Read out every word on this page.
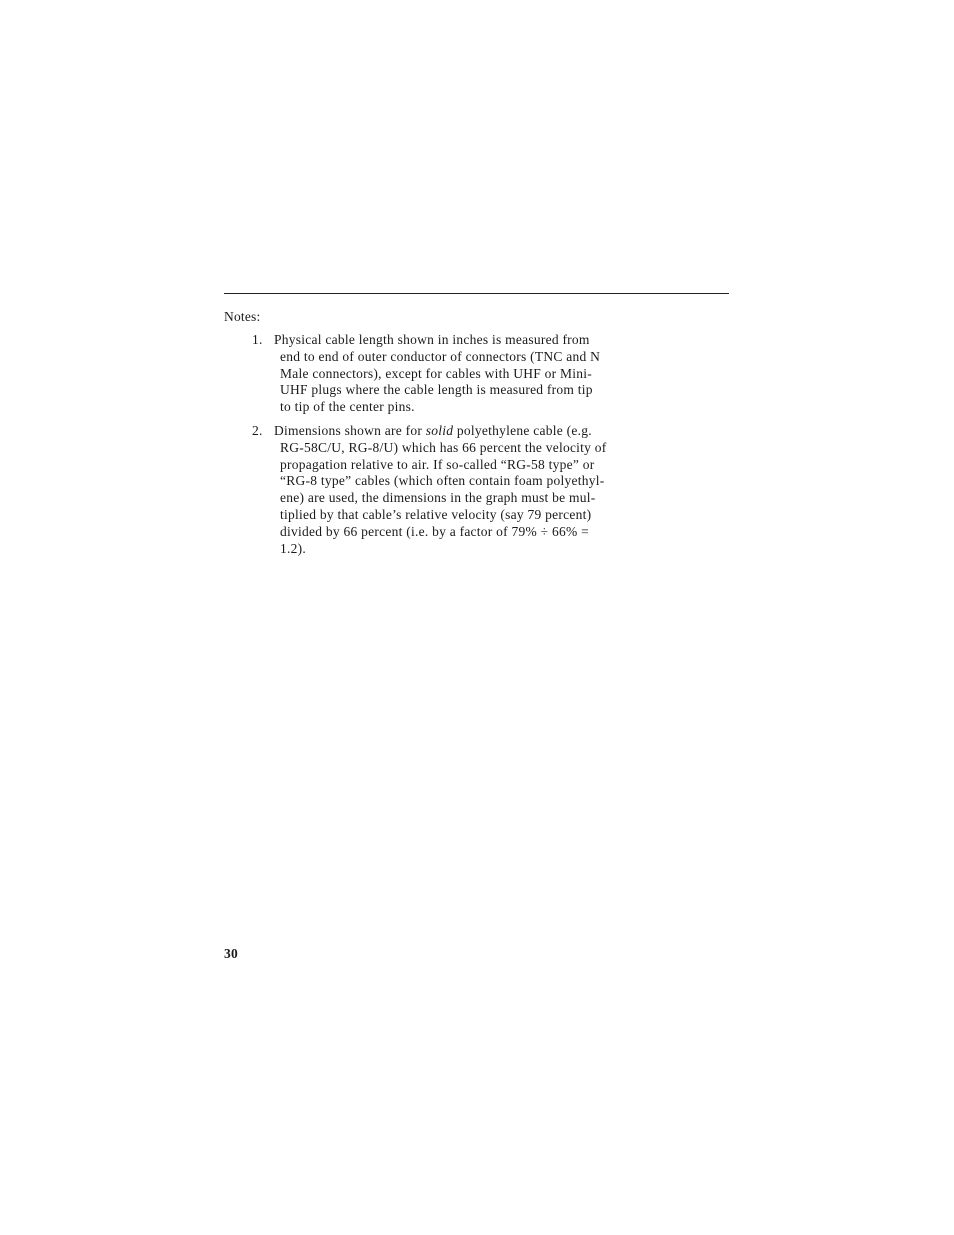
Notes:
1. Physical cable length shown in inches is measured from
end to end of outer conductor of connectors (TNC and N
Male connectors), except for cables with UHF or Mini-
UHF plugs where the cable length is measured from tip
to tip of the center pins.
2. Dimensions shown are for solid polyethylene cable (e.g.
RG-58C/U, RG-8/U) which has 66 percent the velocity of
propagation relative to air. If so-called “RG-58 type” or
“RG-8 type” cables (which often contain foam polyethyl-
ene) are used, the dimensions in the graph must be mul-
tiplied by that cable’s relative velocity (say 79 percent)
divided by 66 percent (i.e. by a factor of 79% ÷ 66% =
1.2).
30
